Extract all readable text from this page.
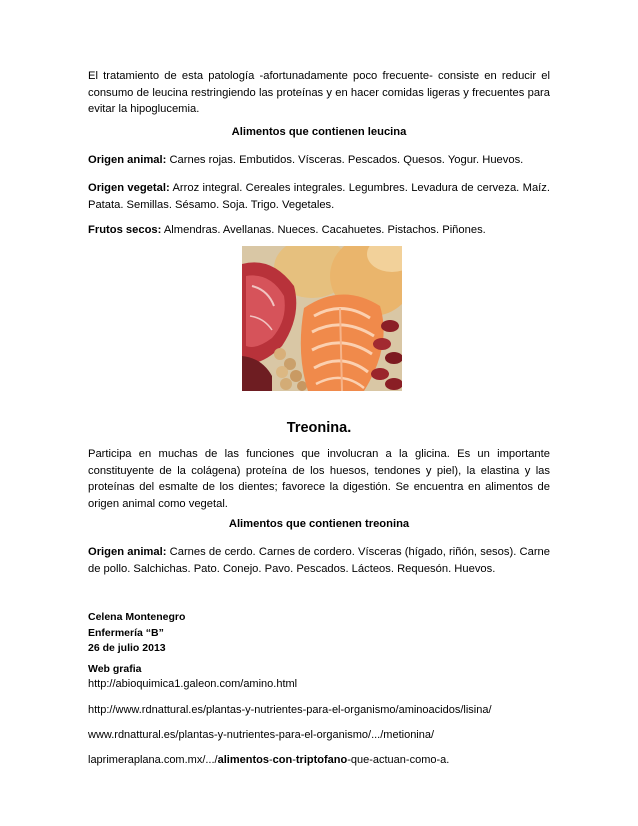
El tratamiento de esta patología -afortunadamente poco frecuente- consiste en reducir el consumo de leucina restringiendo las proteínas y en hacer comidas ligeras y frecuentes para evitar la hipoglucemia.

Alimentos que contienen leucina

Origen animal: Carnes rojas. Embutidos. Vísceras. Pescados. Quesos. Yogur. Huevos.

Origen vegetal: Arroz integral. Cereales integrales. Legumbres. Levadura de cerveza. Maíz. Patata. Semillas. Sésamo. Soja. Trigo. Vegetales.

Frutos secos: Almendras. Avellanas. Nueces. Cacahuetes. Pistachos. Piñones.

Treonina.

Participa en muchas de las funciones que involucran a la glicina. Es un importante constituyente de la colágena) proteína de los huesos, tendones y piel), la elastina y las proteínas del esmalte de los dientes; favorece la digestión. Se encuentra en alimentos de origen animal como vegetal.

Alimentos que contienen treonina

Origen animal: Carnes de cerdo. Carnes de cordero. Vísceras (hígado, riñón, sesos). Carne de pollo. Salchichas. Pato. Conejo. Pavo. Pescados. Lácteos. Requesón. Huevos.

Celena Montenegro

Enfermería “B”

26 de julio 2013

Web grafia

http://abioquimica1.galeon.com/amino.html

http://www.rdnattural.es/plantas-y-nutrientes-para-el-organismo/aminoacidos/lisina/

www.rdnattural.es/plantas-y-nutrientes-para-el-organismo/.../metionina/

laprimeraplana.com.mx/.../alimentos-con-triptofano-que-actuan-como-a.
